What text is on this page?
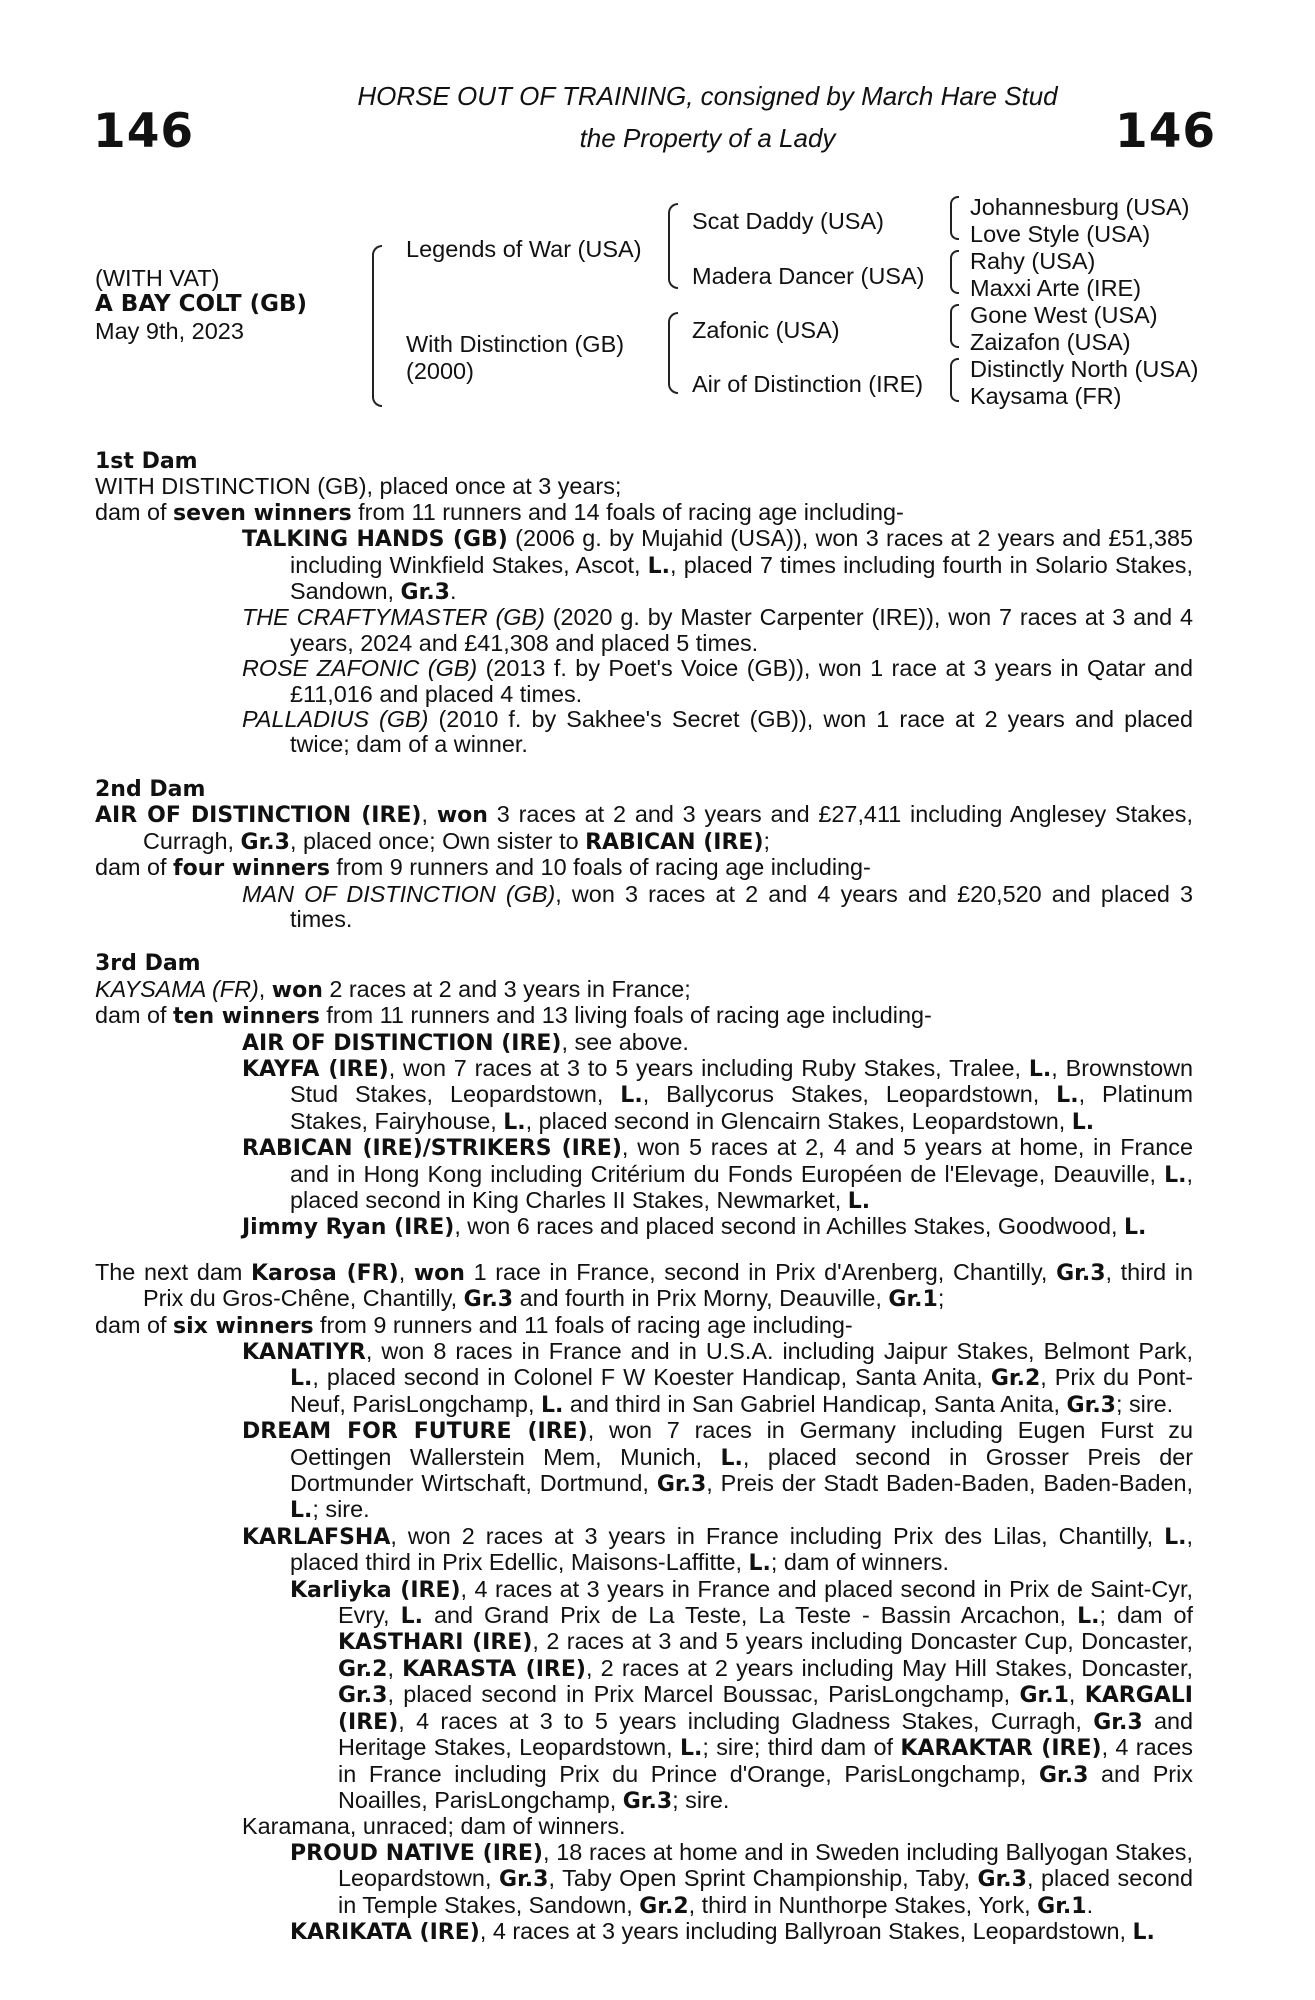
146	146
HORSE OUT OF TRAINING, consigned by March Hare Stud
the Property of a Lady
(WITH VAT)
A BAY COLT (GB)
May 9th, 2023
Legends of War (USA)
With Distinction (GB)
(2000)
Scat Daddy (USA)
Madera Dancer (USA)
Zafonic (USA)
Air of Distinction (IRE)
Johannesburg (USA)
Love Style (USA)
Rahy (USA)
Maxxi Arte (IRE)
Gone West (USA)
Zaizafon (USA)
Distinctly North (USA)
Kaysama (FR)

1st Dam

WITH DISTINCTION (GB), placed once at 3 years;

dam of seven winners from 11 runners and 14 foals of racing age including-

TALKING HANDS (GB) (2006 g. by Mujahid (USA)), won 3 races at 2 years and £51,385 including Winkfield Stakes, Ascot, L., placed 7 times including fourth in Solario Stakes, Sandown, Gr.3.

THE CRAFTYMASTER (GB) (2020 g. by Master Carpenter (IRE)), won 7 races at 3 and 4 years, 2024 and £41,308 and placed 5 times.

ROSE ZAFONIC (GB) (2013 f. by Poet's Voice (GB)), won 1 race at 3 years in Qatar and £11,016 and placed 4 times.

PALLADIUS (GB) (2010 f. by Sakhee's Secret (GB)), won 1 race at 2 years and placed twice; dam of a winner.

2nd Dam

AIR OF DISTINCTION (IRE), won 3 races at 2 and 3 years and £27,411 including Anglesey Stakes, Curragh, Gr.3, placed once; Own sister to RABICAN (IRE);

dam of four winners from 9 runners and 10 foals of racing age including-

MAN OF DISTINCTION (GB), won 3 races at 2 and 4 years and £20,520 and placed 3 times.

3rd Dam

KAYSAMA (FR), won 2 races at 2 and 3 years in France;

dam of ten winners from 11 runners and 13 living foals of racing age including-

AIR OF DISTINCTION (IRE), see above.

KAYFA (IRE), won 7 races at 3 to 5 years including Ruby Stakes, Tralee, L., Brownstown Stud Stakes, Leopardstown, L., Ballycorus Stakes, Leopardstown, L., Platinum Stakes, Fairyhouse, L., placed second in Glencairn Stakes, Leopardstown, L.

RABICAN (IRE)/STRIKERS (IRE), won 5 races at 2, 4 and 5 years at home, in France and in Hong Kong including Critérium du Fonds Européen de l'Elevage, Deauville, L., placed second in King Charles II Stakes, Newmarket, L.

Jimmy Ryan (IRE), won 6 races and placed second in Achilles Stakes, Goodwood, L.

The next dam Karosa (FR), won 1 race in France, second in Prix d'Arenberg, Chantilly, Gr.3, third in Prix du Gros-Chêne, Chantilly, Gr.3 and fourth in Prix Morny, Deauville, Gr.1;

dam of six winners from 9 runners and 11 foals of racing age including-

KANATIYR, won 8 races in France and in U.S.A. including Jaipur Stakes, Belmont Park, L., placed second in Colonel F W Koester Handicap, Santa Anita, Gr.2, Prix du Pont-Neuf, ParisLongchamp, L. and third in San Gabriel Handicap, Santa Anita, Gr.3; sire.

DREAM FOR FUTURE (IRE), won 7 races in Germany including Eugen Furst zu Oettingen Wallerstein Mem, Munich, L., placed second in Grosser Preis der Dortmunder Wirtschaft, Dortmund, Gr.3, Preis der Stadt Baden-Baden, Baden-Baden, L.; sire.

KARLAFSHA, won 2 races at 3 years in France including Prix des Lilas, Chantilly, L., placed third in Prix Edellic, Maisons-Laffitte, L.; dam of winners.

Karliyka (IRE), 4 races at 3 years in France and placed second in Prix de Saint-Cyr, Evry, L. and Grand Prix de La Teste, La Teste - Bassin Arcachon, L.; dam of KASTHARI (IRE), 2 races at 3 and 5 years including Doncaster Cup, Doncaster, Gr.2, KARASTA (IRE), 2 races at 2 years including May Hill Stakes, Doncaster, Gr.3, placed second in Prix Marcel Boussac, ParisLongchamp, Gr.1, KARGALI (IRE), 4 races at 3 to 5 years including Gladness Stakes, Curragh, Gr.3 and Heritage Stakes, Leopardstown, L.; sire; third dam of KARAKTAR (IRE), 4 races in France including Prix du Prince d'Orange, ParisLongchamp, Gr.3 and Prix Noailles, ParisLongchamp, Gr.3; sire.

Karamana, unraced; dam of winners.

PROUD NATIVE (IRE), 18 races at home and in Sweden including Ballyogan Stakes, Leopardstown, Gr.3, Taby Open Sprint Championship, Taby, Gr.3, placed second in Temple Stakes, Sandown, Gr.2, third in Nunthorpe Stakes, York, Gr.1.

KARIKATA (IRE), 4 races at 3 years including Ballyroan Stakes, Leopardstown, L.
